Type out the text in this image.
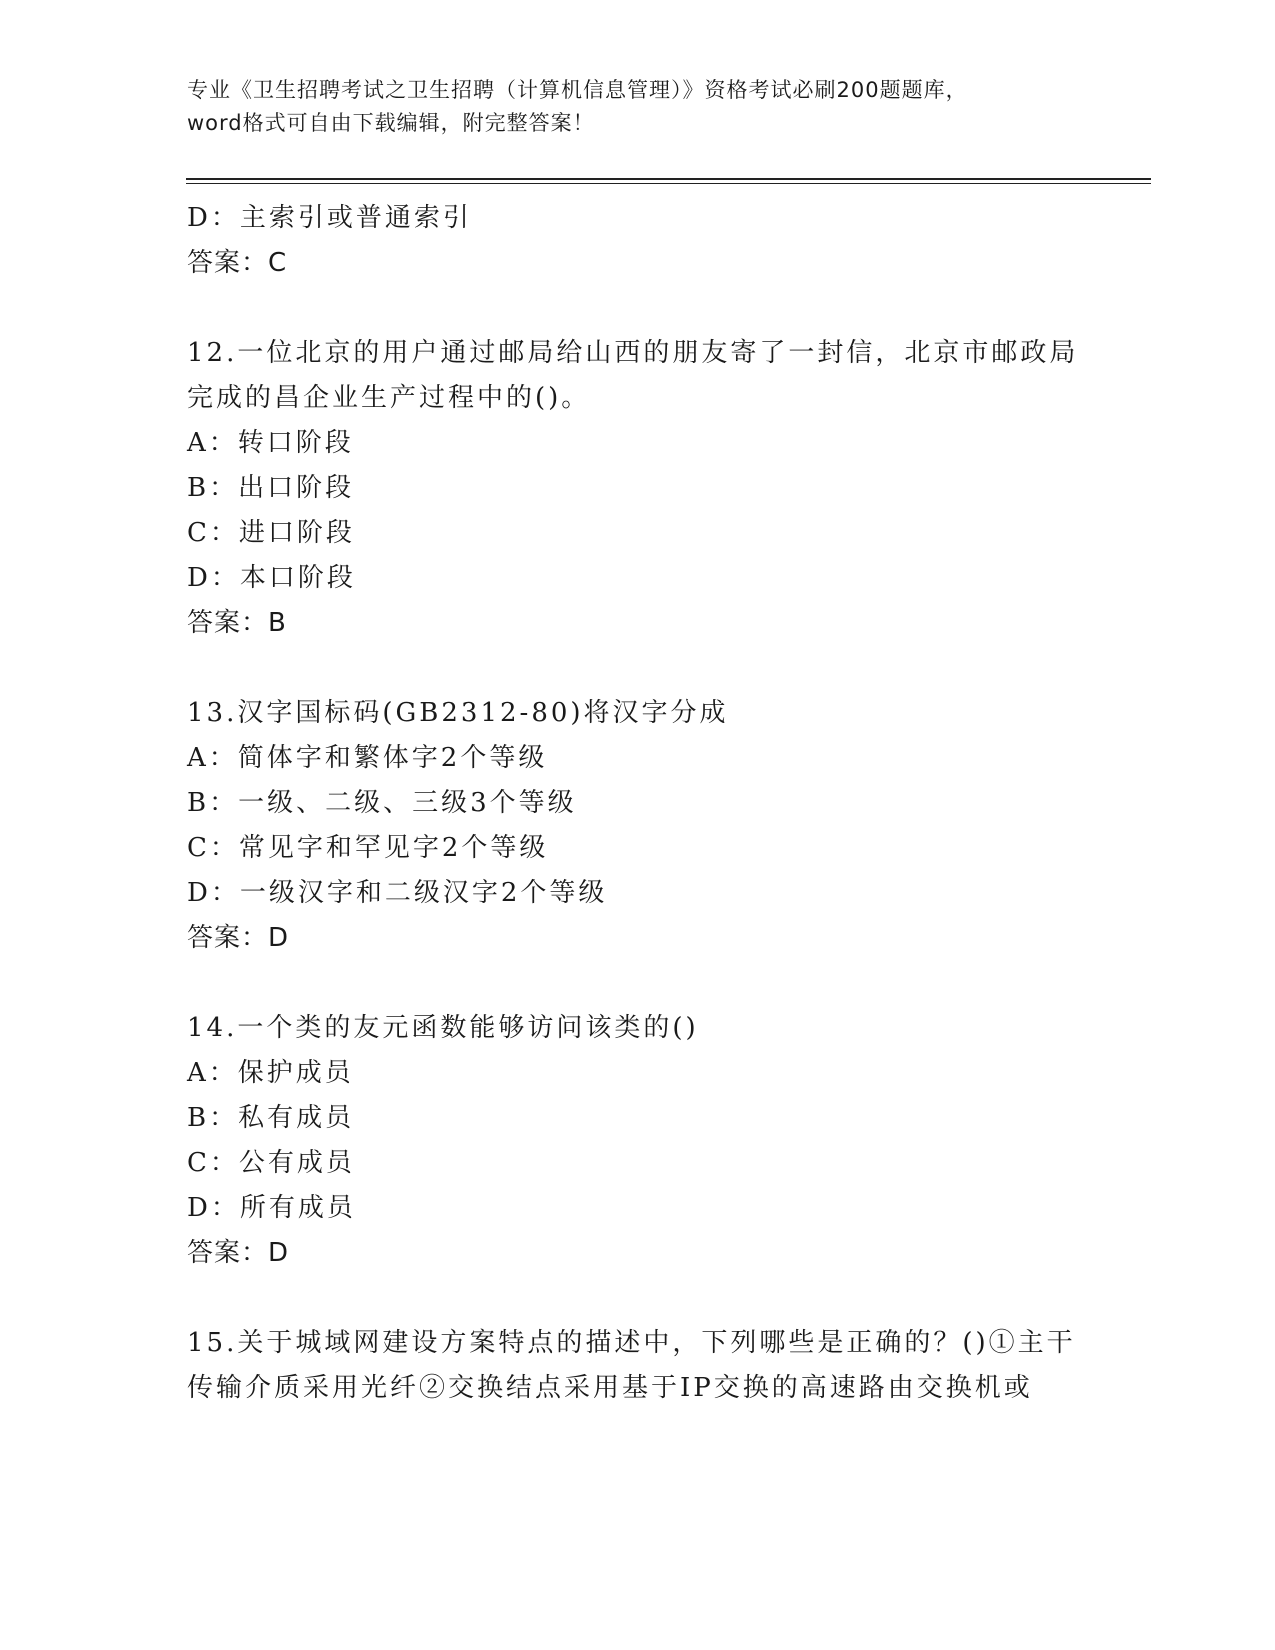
专业《卫生招聘考试之卫生招聘（计算机信息管理）》资格考试必刷200题题库，
word格式可自由下载编辑，附完整答案！
D：主索引或普通索引
答案：C
12.一位北京的用户通过邮局给山西的朋友寄了一封信，北京市邮政局
完成的昌企业生产过程中的()。
A：转口阶段
B：出口阶段
C：进口阶段
D：本口阶段
答案：B
13.汉字国标码(GB2312-80)将汉字分成
A：简体字和繁体字2个等级
B：一级、二级、三级3个等级
C：常见字和罕见字2个等级
D：一级汉字和二级汉字2个等级
答案：D
14.一个类的友元函数能够访问该类的()
A：保护成员
B：私有成员
C：公有成员
D：所有成员
答案：D
15.关于城域网建设方案特点的描述中，下列哪些是正确的？()①主干
传输介质采用光纤②交换结点采用基于IP交换的高速路由交换机或
